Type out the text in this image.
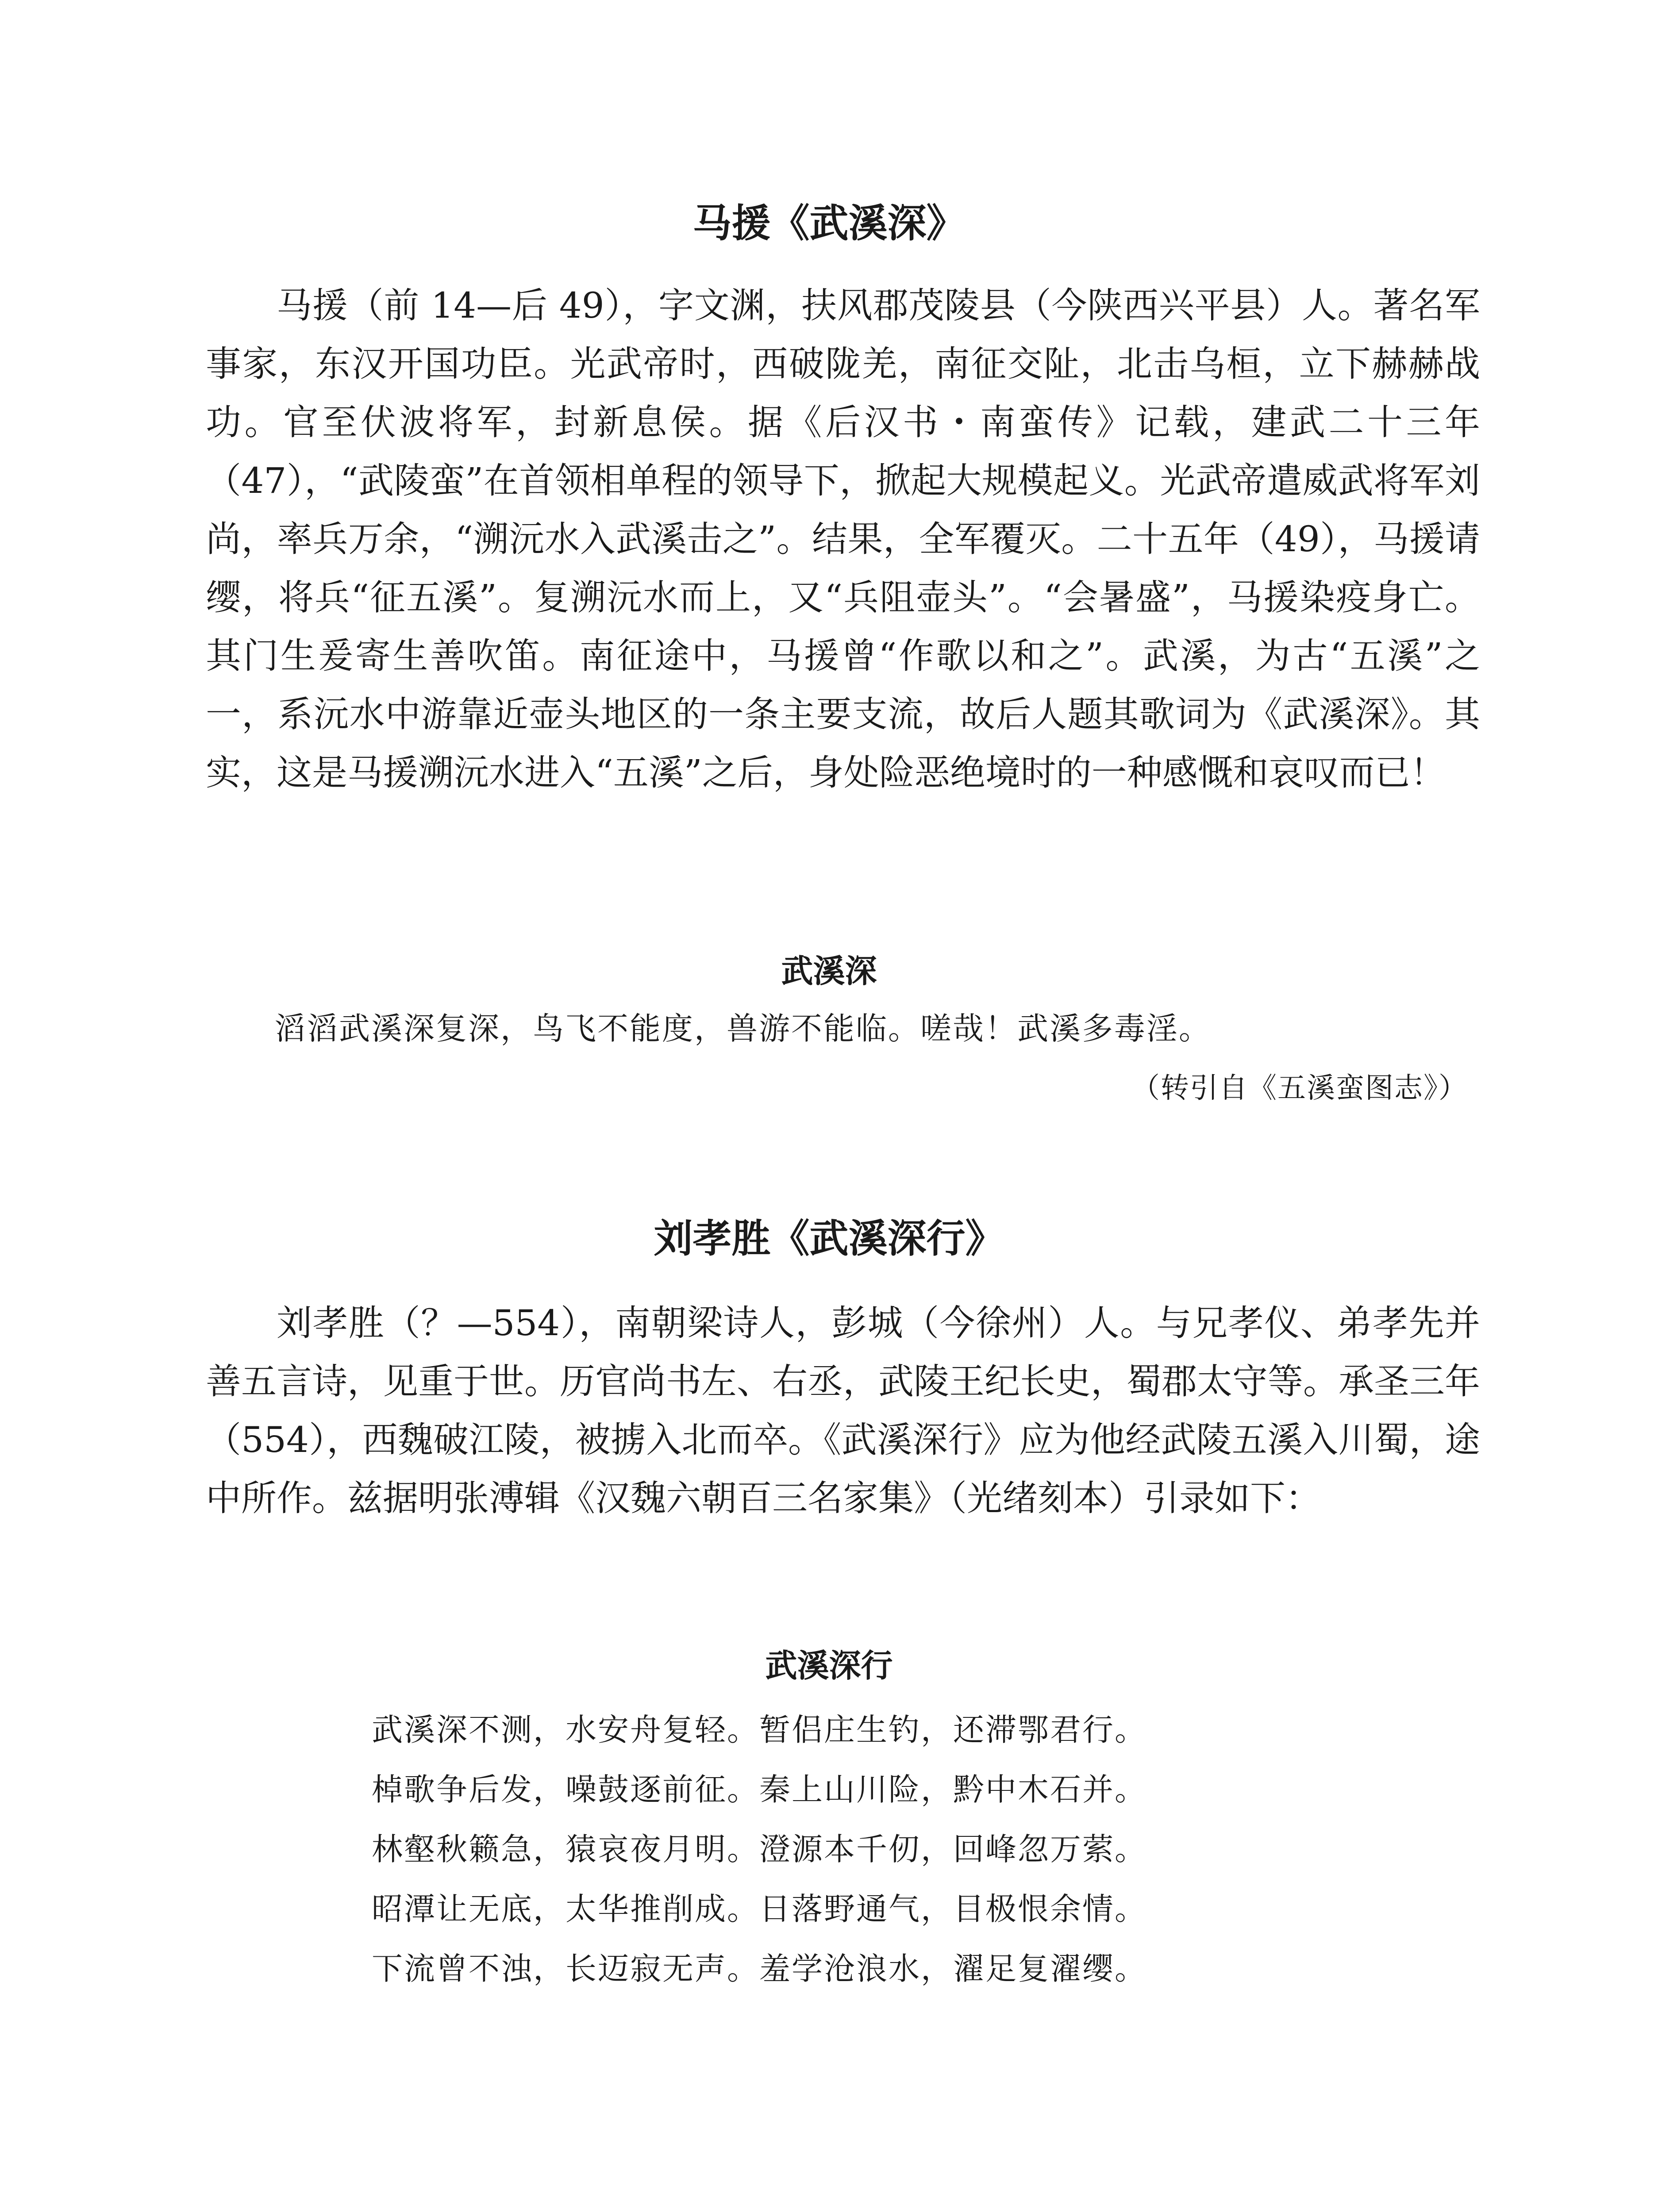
马援《武溪深》

马援（前 14—后 49），字文渊，扶风郡茂陵县（今陕西兴平县）人。著名军事家，东汉开国功臣。光武帝时，西破陇羌，南征交阯，北击乌桓，立下赫赫战功。官至伏波将军，封新息侯。据《后汉书・南蛮传》记载，建武二十三年（47），“武陵蛮”在首领相单程的领导下，掀起大规模起义。光武帝遣威武将军刘尚，率兵万余，“溯沅水入武溪击之”。结果，全军覆灭。二十五年（49），马援请缨，将兵“征五溪”。复溯沅水而上，又“兵阻壶头”。“会暑盛”，马援染疫身亡。其门生爰寄生善吹笛。南征途中，马援曾“作歌以和之”。武溪，为古“五溪”之一，系沅水中游靠近壶头地区的一条主要支流，故后人题其歌词为《武溪深》。其实，这是马援溯沅水进入“五溪”之后，身处险恶绝境时的一种感慨和哀叹而已！

武溪深

滔滔武溪深复深，鸟飞不能度，兽游不能临。嗟哉！武溪多毒淫。

（转引自《五溪蛮图志》）

刘孝胜《武溪深行》

刘孝胜（？—554），南朝梁诗人，彭城（今徐州）人。与兄孝仪、弟孝先并善五言诗，见重于世。历官尚书左、右丞，武陵王纪长史，蜀郡太守等。承圣三年（554），西魏破江陵，被掳入北而卒。《武溪深行》应为他经武陵五溪入川蜀，途中所作。兹据明张溥辑《汉魏六朝百三名家集》（光绪刻本）引录如下：

武溪深行

武溪深不测，水安舟复轻。暂侣庄生钓，还滞鄂君行。

棹歌争后发，噪鼓逐前征。秦上山川险，黔中木石并。

林壑秋籁急，猿哀夜月明。澄源本千仞，回峰忽万萦。

昭潭让无底，太华推削成。日落野通气，目极恨余情。

下流曾不浊，长迈寂无声。羞学沧浪水，濯足复濯缨。
